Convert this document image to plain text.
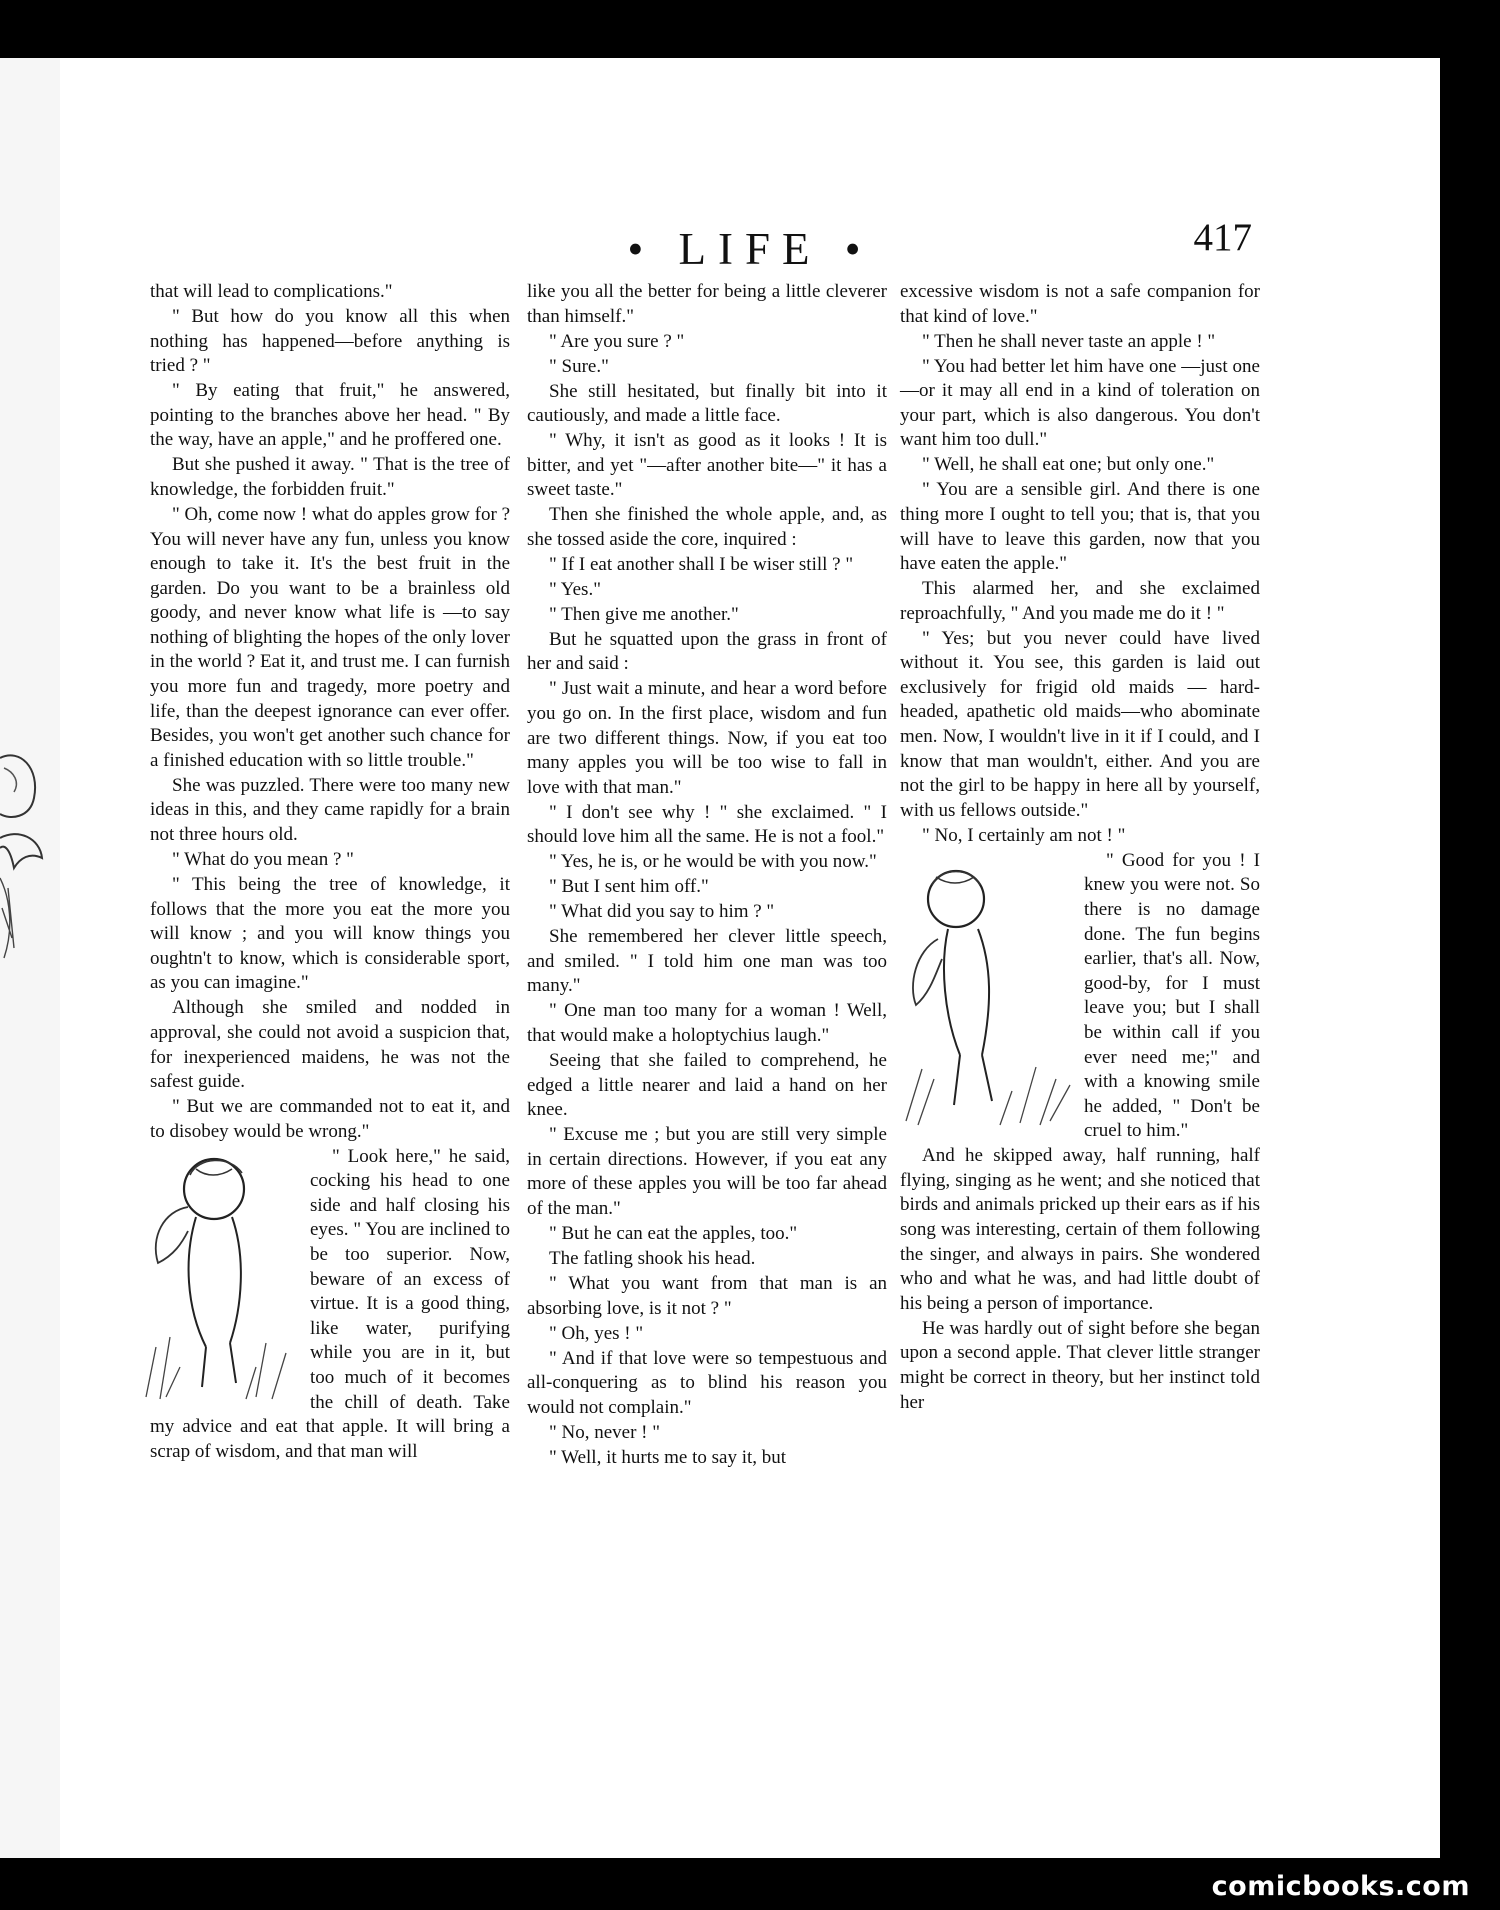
• LIFE •	417

that will lead to complications."

" But how do you know all this when nothing has happened—before anything is tried ? "

" By eating that fruit," he answered, pointing to the branches above her head. " By the way, have an apple," and he proffered one.

But she pushed it away. " That is the tree of knowledge, the forbidden fruit."

" Oh, come now ! what do apples grow for ? You will never have any fun, unless you know enough to take it. It's the best fruit in the garden. Do you want to be a brainless old goody, and never know what life is —to say nothing of blighting the hopes of the only lover in the world ? Eat it, and trust me. I can furnish you more fun and tragedy, more poetry and life, than the deepest ignorance can ever offer. Besides, you won't get another such chance for a finished education with so little trouble."

She was puzzled. There were too many new ideas in this, and they came rapidly for a brain not three hours old.

" What do you mean ? "

" This being the tree of knowledge, it follows that the more you eat the more you will know ; and you will know things you oughtn't to know, which is considerable sport, as you can imagine."

Although she smiled and nodded in approval, she could not avoid a suspicion that, for inexperienced maidens, he was not the safest guide.

" But we are commanded not to eat it, and to disobey would be wrong."

" Look here," he said, cocking his head to one side and half closing his eyes. " You are inclined to be too superior. Now, beware of an excess of virtue. It is a good thing, like water, purifying while you are in it, but too much of it becomes the chill of death. Take my advice and eat that apple. It will bring a scrap of wisdom, and that man will

like you all the better for being a little cleverer than himself."

" Are you sure ? "

" Sure."

She still hesitated, but finally bit into it cautiously, and made a little face.

" Why, it isn't as good as it looks ! It is bitter, and yet "—after another bite—" it has a sweet taste."

Then she finished the whole apple, and, as she tossed aside the core, inquired :

" If I eat another shall I be wiser still ? "

" Yes."

" Then give me another."

But he squatted upon the grass in front of her and said :

" Just wait a minute, and hear a word before you go on. In the first place, wisdom and fun are two different things. Now, if you eat too many apples you will be too wise to fall in love with that man."

" I don't see why ! " she exclaimed. " I should love him all the same. He is not a fool."

" Yes, he is, or he would be with you now."

" But I sent him off."

" What did you say to him ? "

She remembered her clever little speech, and smiled. " I told him one man was too many."

" One man too many for a woman ! Well, that would make a holoptychius laugh."

Seeing that she failed to comprehend, he edged a little nearer and laid a hand on her knee.

" Excuse me ; but you are still very simple in certain directions. However, if you eat any more of these apples you will be too far ahead of the man."

" But he can eat the apples, too."

The fatling shook his head.

" What you want from that man is an absorbing love, is it not ? "

" Oh, yes ! "

" And if that love were so tempestuous and all-conquering as to blind his reason you would not complain."

" No, never ! "

" Well, it hurts me to say it, but

excessive wisdom is not a safe companion for that kind of love."

" Then he shall never taste an apple ! "

" You had better let him have one —just one—or it may all end in a kind of toleration on your part, which is also dangerous. You don't want him too dull."

" Well, he shall eat one; but only one."

" You are a sensible girl. And there is one thing more I ought to tell you; that is, that you will have to leave this garden, now that you have eaten the apple."

This alarmed her, and she exclaimed reproachfully, " And you made me do it ! "

" Yes; but you never could have lived without it. You see, this garden is laid out exclusively for frigid old maids — hard-headed, apathetic old maids—who abominate men. Now, I wouldn't live in it if I could, and I know that man wouldn't, either. And you are not the girl to be happy in here all by yourself, with us fellows outside."

" No, I certainly am not ! "

" Good for you ! I knew you were not. So there is no damage done. The fun begins earlier, that's all. Now, good-by, for I must leave you; but I shall be within call if you ever need me;" and with a knowing smile he added, " Don't be cruel to him."

And he skipped away, half running, half flying, singing as he went; and she noticed that birds and animals pricked up their ears as if his song was interesting, certain of them following the singer, and always in pairs. She wondered who and what he was, and had little doubt of his being a person of importance.

He was hardly out of sight before she began upon a second apple. That clever little stranger might be correct in theory, but her instinct told her

comicbooks.com
